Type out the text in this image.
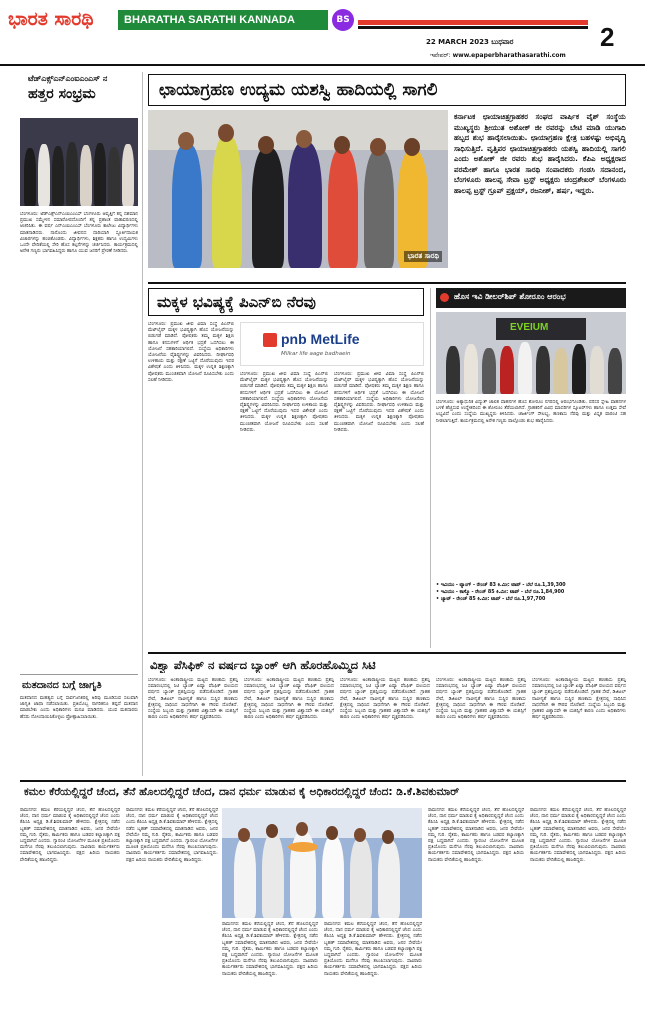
ಭಾರತ ಸಾರಥಿ	BHARATHA SARATHI KANNADA DAILY
BS
22 MARCH 2023 ಬುಧವಾರ	2
ಇಪೇಪರ್: www.epaperbharathasarathi.com
ಟೆಡ್ಎಕ್ಸ್ಎನ್ಎಂಐಎಂಎಸ್ ನ
ಹತ್ತರ ಸಂಭ್ರಮ
ಬೆಂಗಳೂರು: ಟೆಡ್ಎಕ್ಸ್ಎನ್ಎಂಐಎಂಎಸ್ ಬೆಂಗಳೂರು ಆವೃತ್ತಿಗೆ ತನ್ನ ದಶಮಾನ ಪ್ರಮುಖ ಸಮ್ಮೇಳನ ಸಮಾರೋಪದೊಂದಿಗೆ ತನ್ನ ಪ್ರಶಾಂತ ವಾತಾವರಣದಲ್ಲಿ ಆಚರಿಸಿತು. ಈ ವರ್ಷ ಎನ್ಎಂಐಎಂಎಸ್ ಬೆಂಗಳೂರು ಕಾಲೇಜು ವಿದ್ಯಾರ್ಥಿಗಳು ಮಾತನಾಡಿದರು. ನಾನೊಂದು ಜೀವನದ ದಾರಿಯಾಗಿ ಸ್ಫೂರ್ತಿದಾಯಕ ವಿಚಾರಗಳನ್ನು ಹಂಚಿಕೊಂಡರು. ವಿದ್ಯಾರ್ಥಿಗಳು, ಶಿಕ್ಷಕರು ಹಾಗೂ ಉದ್ಯಮಿಗಳು ಒಂದೇ ವೇದಿಕೆಯಲ್ಲಿ ಸೇರಿ ಹೊಸ ಕಲ್ಪನೆಗಳನ್ನು ಚರ್ಚಿಸಿದರು. ಕಾರ್ಯಕ್ರಮದಲ್ಲಿ ಅನೇಕ ಗಣ್ಯರು ಭಾಗವಹಿಸಿದ್ದರು ಹಾಗೂ ಯುವ ಜನರಿಗೆ ಪ್ರೇರಣೆ ನೀಡಿದರು.
ಮತದಾನದ ಬಗ್ಗೆ ಜಾಗೃತಿ
ಮತದಾನದ ಮಹತ್ವದ ಬಗ್ಗೆ ಸಾರ್ವಜನಿಕರಲ್ಲಿ ಅರಿವು ಮೂಡಿಸುವ ಸಲುವಾಗಿ ಜಾಗೃತಿ ಜಾಥಾ ನಡೆಸಲಾಯಿತು. ಪ್ರತಿಯೊಬ್ಬ ನಾಗರಿಕನೂ ತಪ್ಪದೆ ಮತದಾನ ಮಾಡಬೇಕು ಎಂದು ಅಧಿಕಾರಿಗಳು ಮನವಿ ಮಾಡಿದರು. ಯುವ ಮತದಾರರು ಹೆಸರು ನೋಂದಾಯಿಸಿಕೊಳ್ಳಲು ಪ್ರೋತ್ಸಾಹಿಸಲಾಯಿತು.
ಛಾಯಾಗ್ರಹಣ ಉದ್ಯಮ ಯಶಸ್ವಿ ಹಾದಿಯಲ್ಲಿ ಸಾಗಲಿ
ಭಾರತ ಸಾರಥಿ
ಕರ್ನಾಟಕ ಛಾಯಾಚಿತ್ರಗ್ರಾಹಕರ ಸಂಘದ ವಾರ್ಷಿಕ ವೈಶ್ ಸಂಸ್ಥೆಯ ಮುಖ್ಯಸ್ಥರು ಶ್ರೀಯುತ ಅಶೋಕ್ ಜೀ ರವರನ್ನು ಬೇಟಿ ಮಾಡಿ ಯುಗಾದಿ ಹಬ್ಬದ ಶುಭ ಹಾರೈಸಲಾಯಿತು. ಛಾಯಾಗ್ರಹಣ ಕ್ಷೇತ್ರ ಬಹಳಷ್ಟು ಅಭಿವೃದ್ಧಿ ಸಾಧಿಸುತ್ತಿದೆ. ವೃತ್ತಿಪರ ಛಾಯಾಚಿತ್ರಗ್ರಾಹಕರು ಯಶಸ್ವಿ ಹಾದಿಯಲ್ಲಿ ಸಾಗಲಿ ಎಂದು ಅಶೋಕ್ ಜೀ ರವರು ಶುಭ ಹಾರೈಸಿದರು. ಕೆಪಿಎ ಅಧ್ಯಕ್ಷರಾದ ಪರಮೇಶ್ ಹಾಗೂ ಭಾರತ ಸಾರಥಿ ಸಂಪಾದಕರು ಗಂಡಸಿ ಸದಾನಂದ, ಬೆಂಗಳೂರು ಹಾಲಪ್ಪ ಸೇವಾ ಟ್ರಸ್ಟ್ ಅಧ್ಯಕ್ಷರು ಚಂದ್ರಶೇಖರ್ ಬೆಂಗಳೂರು ಹಾಲಪ್ಪ ಟ್ರಸ್ಟ್ ಗ್ರೂಪ್ ಪ್ರಕ್ಷಯ್, ರಜನೀಶ್, ಹರ್ಷ, ಇದ್ದರು.
ಮಕ್ಕಳ ಭವಿಷ್ಯಕ್ಕೆ ಪಿಎನ್‌ಬಿ ನೆರವು
ಬೆಂಗಳೂರು: ಪ್ರಮುಖ ಜೀವ ವಿಮಾ ಸಂಸ್ಥೆ ಪಿಎನ್‌ಬಿ ಮೆಟ್‌ಲೈಫ್ ಮಕ್ಕಳ ಭವಿಷ್ಯಕ್ಕಾಗಿ ಹೊಸ ಯೋಜನೆಯನ್ನು ಬಿಡುಗಡೆ ಮಾಡಿದೆ. ಪೋಷಕರು ತಮ್ಮ ಮಕ್ಕಳ ಶಿಕ್ಷಣ ಹಾಗೂ ಕನಸುಗಳಿಗೆ ಆರ್ಥಿಕ ಭದ್ರತೆ ಒದಗಿಸಲು ಈ ಯೋಜನೆ ಸಹಕಾರಿಯಾಗಲಿದೆ. ಸಂಸ್ಥೆಯ ಅಧಿಕಾರಿಗಳು ಯೋಜನೆಯ ವೈಶಿಷ್ಟ್ಯಗಳನ್ನು ವಿವರಿಸಿದರು. ದೀರ್ಘಾವಧಿ ಉಳಿತಾಯ ಮತ್ತು ರಕ್ಷಣೆ ಒಟ್ಟಿಗೆ ದೊರೆಯುವುದು ಇದರ ವಿಶೇಷತೆ ಎಂದು ತಿಳಿಸಿದರು. ಮಕ್ಕಳ ಉನ್ನತ ಶಿಕ್ಷಣಕ್ಕಾಗಿ ಪೋಷಕರು ಮುಂಚಿತವಾಗಿ ಯೋಜನೆ ರೂಪಿಸಬೇಕು ಎಂದು ಸಲಹೆ ನೀಡಿದರು.
pnb MetLife
Milkar life aage badhaein
ಬೆಂಗಳೂರು: ಪ್ರಮುಖ ಜೀವ ವಿಮಾ ಸಂಸ್ಥೆ ಪಿಎನ್‌ಬಿ ಮೆಟ್‌ಲೈಫ್ ಮಕ್ಕಳ ಭವಿಷ್ಯಕ್ಕಾಗಿ ಹೊಸ ಯೋಜನೆಯನ್ನು ಬಿಡುಗಡೆ ಮಾಡಿದೆ. ಪೋಷಕರು ತಮ್ಮ ಮಕ್ಕಳ ಶಿಕ್ಷಣ ಹಾಗೂ ಕನಸುಗಳಿಗೆ ಆರ್ಥಿಕ ಭದ್ರತೆ ಒದಗಿಸಲು ಈ ಯೋಜನೆ ಸಹಕಾರಿಯಾಗಲಿದೆ. ಸಂಸ್ಥೆಯ ಅಧಿಕಾರಿಗಳು ಯೋಜನೆಯ ವೈಶಿಷ್ಟ್ಯಗಳನ್ನು ವಿವರಿಸಿದರು. ದೀರ್ಘಾವಧಿ ಉಳಿತಾಯ ಮತ್ತು ರಕ್ಷಣೆ ಒಟ್ಟಿಗೆ ದೊರೆಯುವುದು ಇದರ ವಿಶೇಷತೆ ಎಂದು ತಿಳಿಸಿದರು. ಮಕ್ಕಳ ಉನ್ನತ ಶಿಕ್ಷಣಕ್ಕಾಗಿ ಪೋಷಕರು ಮುಂಚಿತವಾಗಿ ಯೋಜನೆ ರೂಪಿಸಬೇಕು ಎಂದು ಸಲಹೆ ನೀಡಿದರು.
ಬೆಂಗಳೂರು: ಪ್ರಮುಖ ಜೀವ ವಿಮಾ ಸಂಸ್ಥೆ ಪಿಎನ್‌ಬಿ ಮೆಟ್‌ಲೈಫ್ ಮಕ್ಕಳ ಭವಿಷ್ಯಕ್ಕಾಗಿ ಹೊಸ ಯೋಜನೆಯನ್ನು ಬಿಡುಗಡೆ ಮಾಡಿದೆ. ಪೋಷಕರು ತಮ್ಮ ಮಕ್ಕಳ ಶಿಕ್ಷಣ ಹಾಗೂ ಕನಸುಗಳಿಗೆ ಆರ್ಥಿಕ ಭದ್ರತೆ ಒದಗಿಸಲು ಈ ಯೋಜನೆ ಸಹಕಾರಿಯಾಗಲಿದೆ. ಸಂಸ್ಥೆಯ ಅಧಿಕಾರಿಗಳು ಯೋಜನೆಯ ವೈಶಿಷ್ಟ್ಯಗಳನ್ನು ವಿವರಿಸಿದರು. ದೀರ್ಘಾವಧಿ ಉಳಿತಾಯ ಮತ್ತು ರಕ್ಷಣೆ ಒಟ್ಟಿಗೆ ದೊರೆಯುವುದು ಇದರ ವಿಶೇಷತೆ ಎಂದು ತಿಳಿಸಿದರು. ಮಕ್ಕಳ ಉನ್ನತ ಶಿಕ್ಷಣಕ್ಕಾಗಿ ಪೋಷಕರು ಮುಂಚಿತವಾಗಿ ಯೋಜನೆ ರೂಪಿಸಬೇಕು ಎಂದು ಸಲಹೆ ನೀಡಿದರು.
ಹೊಸ ಇವಿ ಡೀಲರ್‌ಶಿಪ್ ಶೋರೂಂ ಆರಂಭ
EVEIUM
ಬೆಂಗಳೂರು: ಅತ್ಯಾಧುನಿಕ ವಿದ್ಯುತ್ ಚಾಲಿತ ವಾಹನಗಳ ಹೊಸ ಶೋರೂಂ ನಗರದಲ್ಲಿ ಆರಂಭಗೊಂಡಿತು. ಪರಿಸರ ಸ್ನೇಹಿ ವಾಹನಗಳ ಬಳಕೆ ಹೆಚ್ಚಿಸುವ ಉದ್ದೇಶದಿಂದ ಈ ಶೋರೂಂ ತೆರೆಯಲಾಗಿದೆ. ಗ್ರಾಹಕರಿಗೆ ವಿವಿಧ ಮಾದರಿಗಳ ಸ್ಕೂಟರ್‌ಗಳು ಹಾಗೂ ಉತ್ತಮ ಸೇವೆ ಲಭ್ಯವಿದೆ ಎಂದು ಸಂಸ್ಥೆಯ ಮುಖ್ಯಸ್ಥರು ತಿಳಿಸಿದರು. ಚಾರ್ಜಿಂಗ್ ಸೌಲಭ್ಯ, ಹಣಕಾಸು ನೆರವು ಮತ್ತು ವಿಸ್ತೃತ ವಾರಂಟಿ ಸಹ ನೀಡಲಾಗುತ್ತಿದೆ. ಕಾರ್ಯಕ್ರಮದಲ್ಲಿ ಅನೇಕ ಗಣ್ಯರು ಪಾಲ್ಗೊಂಡು ಶುಭ ಹಾರೈಸಿದರು.
• ಇವಿಯಂ - ಟ್ಯಾಂಗ್ - ರೇಂಜ್ 83 ಕಿ.ಮೀ: ಟಾಪ್ - ಬೆಲೆ ರೂ.1,39,300
• ಇವಿಯಂ - ಕಾಸ್ಮೊ - ರೇಂಜ್ 85 ಕಿ.ಮೀ: ಟಾಪ್ - ಬೆಲೆ ರೂ.1,84,900
• ಜ್ಯಾಟ್ - ರೇಂಜ್ 85 ಕಿ.ಮೀ: ಟಾಪ್ - ಬೆಲೆ ರೂ.1,97,700
ವಿಶ್ವಾ ಪೆಸಿಫಿಕ್ ನ ವರ್ಷದ ಬ್ಯಾಂಕ್ ಆಗಿ ಹೊರಹೊಮ್ಮಿದ ಸಿಟಿ
ಬೆಂಗಳೂರು: ಅಂತಾರಾಷ್ಟ್ರೀಯ ಮಟ್ಟದ ಹಣಕಾಸು ಪ್ರಶಸ್ತಿ ಸಮಾರಂಭದಲ್ಲಿ ಸಿಟಿ ಬ್ಯಾಂಕ್ ಏಷ್ಯಾ ಪೆಸಿಫಿಕ್ ವಲಯದ ವರ್ಷದ ಬ್ಯಾಂಕ್ ಪ್ರಶಸ್ತಿಯನ್ನು ಪಡೆದುಕೊಂಡಿದೆ. ಗ್ರಾಹಕ ಸೇವೆ, ಡಿಜಿಟಲ್ ನಾವೀನ್ಯತೆ ಹಾಗೂ ಸುಸ್ಥಿರ ಹಣಕಾಸು ಕ್ಷೇತ್ರದಲ್ಲಿ ಸಾಧಿಸಿದ ಸಾಧನೆಗಾಗಿ ಈ ಗೌರವ ದೊರೆತಿದೆ. ಸಂಸ್ಥೆಯ ಸಿಬ್ಬಂದಿ ಮತ್ತು ಗ್ರಾಹಕರ ವಿಶ್ವಾಸವೇ ಈ ಯಶಸ್ಸಿಗೆ ಕಾರಣ ಎಂದು ಅಧಿಕಾರಿಗಳು ಹರ್ಷ ವ್ಯಕ್ತಪಡಿಸಿದರು.
ಬೆಂಗಳೂರು: ಅಂತಾರಾಷ್ಟ್ರೀಯ ಮಟ್ಟದ ಹಣಕಾಸು ಪ್ರಶಸ್ತಿ ಸಮಾರಂಭದಲ್ಲಿ ಸಿಟಿ ಬ್ಯಾಂಕ್ ಏಷ್ಯಾ ಪೆಸಿಫಿಕ್ ವಲಯದ ವರ್ಷದ ಬ್ಯಾಂಕ್ ಪ್ರಶಸ್ತಿಯನ್ನು ಪಡೆದುಕೊಂಡಿದೆ. ಗ್ರಾಹಕ ಸೇವೆ, ಡಿಜಿಟಲ್ ನಾವೀನ್ಯತೆ ಹಾಗೂ ಸುಸ್ಥಿರ ಹಣಕಾಸು ಕ್ಷೇತ್ರದಲ್ಲಿ ಸಾಧಿಸಿದ ಸಾಧನೆಗಾಗಿ ಈ ಗೌರವ ದೊರೆತಿದೆ. ಸಂಸ್ಥೆಯ ಸಿಬ್ಬಂದಿ ಮತ್ತು ಗ್ರಾಹಕರ ವಿಶ್ವಾಸವೇ ಈ ಯಶಸ್ಸಿಗೆ ಕಾರಣ ಎಂದು ಅಧಿಕಾರಿಗಳು ಹರ್ಷ ವ್ಯಕ್ತಪಡಿಸಿದರು.
ಬೆಂಗಳೂರು: ಅಂತಾರಾಷ್ಟ್ರೀಯ ಮಟ್ಟದ ಹಣಕಾಸು ಪ್ರಶಸ್ತಿ ಸಮಾರಂಭದಲ್ಲಿ ಸಿಟಿ ಬ್ಯಾಂಕ್ ಏಷ್ಯಾ ಪೆಸಿಫಿಕ್ ವಲಯದ ವರ್ಷದ ಬ್ಯಾಂಕ್ ಪ್ರಶಸ್ತಿಯನ್ನು ಪಡೆದುಕೊಂಡಿದೆ. ಗ್ರಾಹಕ ಸೇವೆ, ಡಿಜಿಟಲ್ ನಾವೀನ್ಯತೆ ಹಾಗೂ ಸುಸ್ಥಿರ ಹಣಕಾಸು ಕ್ಷೇತ್ರದಲ್ಲಿ ಸಾಧಿಸಿದ ಸಾಧನೆಗಾಗಿ ಈ ಗೌರವ ದೊರೆತಿದೆ. ಸಂಸ್ಥೆಯ ಸಿಬ್ಬಂದಿ ಮತ್ತು ಗ್ರಾಹಕರ ವಿಶ್ವಾಸವೇ ಈ ಯಶಸ್ಸಿಗೆ ಕಾರಣ ಎಂದು ಅಧಿಕಾರಿಗಳು ಹರ್ಷ ವ್ಯಕ್ತಪಡಿಸಿದರು.
ಬೆಂಗಳೂರು: ಅಂತಾರಾಷ್ಟ್ರೀಯ ಮಟ್ಟದ ಹಣಕಾಸು ಪ್ರಶಸ್ತಿ ಸಮಾರಂಭದಲ್ಲಿ ಸಿಟಿ ಬ್ಯಾಂಕ್ ಏಷ್ಯಾ ಪೆಸಿಫಿಕ್ ವಲಯದ ವರ್ಷದ ಬ್ಯಾಂಕ್ ಪ್ರಶಸ್ತಿಯನ್ನು ಪಡೆದುಕೊಂಡಿದೆ. ಗ್ರಾಹಕ ಸೇವೆ, ಡಿಜಿಟಲ್ ನಾವೀನ್ಯತೆ ಹಾಗೂ ಸುಸ್ಥಿರ ಹಣಕಾಸು ಕ್ಷೇತ್ರದಲ್ಲಿ ಸಾಧಿಸಿದ ಸಾಧನೆಗಾಗಿ ಈ ಗೌರವ ದೊರೆತಿದೆ. ಸಂಸ್ಥೆಯ ಸಿಬ್ಬಂದಿ ಮತ್ತು ಗ್ರಾಹಕರ ವಿಶ್ವಾಸವೇ ಈ ಯಶಸ್ಸಿಗೆ ಕಾರಣ ಎಂದು ಅಧಿಕಾರಿಗಳು ಹರ್ಷ ವ್ಯಕ್ತಪಡಿಸಿದರು.
ಬೆಂಗಳೂರು: ಅಂತಾರಾಷ್ಟ್ರೀಯ ಮಟ್ಟದ ಹಣಕಾಸು ಪ್ರಶಸ್ತಿ ಸಮಾರಂಭದಲ್ಲಿ ಸಿಟಿ ಬ್ಯಾಂಕ್ ಏಷ್ಯಾ ಪೆಸಿಫಿಕ್ ವಲಯದ ವರ್ಷದ ಬ್ಯಾಂಕ್ ಪ್ರಶಸ್ತಿಯನ್ನು ಪಡೆದುಕೊಂಡಿದೆ. ಗ್ರಾಹಕ ಸೇವೆ, ಡಿಜಿಟಲ್ ನಾವೀನ್ಯತೆ ಹಾಗೂ ಸುಸ್ಥಿರ ಹಣಕಾಸು ಕ್ಷೇತ್ರದಲ್ಲಿ ಸಾಧಿಸಿದ ಸಾಧನೆಗಾಗಿ ಈ ಗೌರವ ದೊರೆತಿದೆ. ಸಂಸ್ಥೆಯ ಸಿಬ್ಬಂದಿ ಮತ್ತು ಗ್ರಾಹಕರ ವಿಶ್ವಾಸವೇ ಈ ಯಶಸ್ಸಿಗೆ ಕಾರಣ ಎಂದು ಅಧಿಕಾರಿಗಳು ಹರ್ಷ ವ್ಯಕ್ತಪಡಿಸಿದರು.
ಕಮಲ ಕೆರೆಯಲ್ಲಿದ್ದರೆ ಚೆಂದ, ತೆನೆ ಹೊಲದಲ್ಲಿದ್ದರೆ ಚೆಂದ, ದಾನ ಧರ್ಮ ಮಾಡುವ ಕೈ ಅಧಿಕಾರದಲ್ಲಿದ್ದರೆ ಚೆಂದ: ಡಿ.ಕೆ.ಶಿವಕುಮಾರ್
ರಾಮನಗರ: ಕಮಲ ಕೆರೆಯಲ್ಲಿದ್ದರೆ ಚೆಂದ, ತೆನೆ ಹೊಲದಲ್ಲಿದ್ದರೆ ಚೆಂದ, ದಾನ ಧರ್ಮ ಮಾಡುವ ಕೈ ಅಧಿಕಾರದಲ್ಲಿದ್ದರೆ ಚೆಂದ ಎಂದು ಕೆಪಿಸಿಸಿ ಅಧ್ಯಕ್ಷ ಡಿ.ಕೆ.ಶಿವಕುಮಾರ್ ಹೇಳಿದರು. ಕ್ಷೇತ್ರದಲ್ಲಿ ನಡೆದ ಬೃಹತ್ ಸಮಾವೇಶದಲ್ಲಿ ಮಾತನಾಡಿದ ಅವರು, ಜನರ ಸೇವೆಯೇ ನಮ್ಮ ಗುರಿ. ರೈತರು, ಕಾರ್ಮಿಕರು ಹಾಗೂ ಬಡವರ ಕಲ್ಯಾಣಕ್ಕಾಗಿ ಪಕ್ಷ ಬದ್ಧವಾಗಿದೆ ಎಂದರು. ಗ್ಯಾರಂಟಿ ಯೋಜನೆಗಳ ಮೂಲಕ ಪ್ರತಿಯೊಂದು ಮನೆಗೂ ನೆರವು ತಲುಪಿಸಲಾಗುವುದು. ಸಾವಿರಾರು ಕಾರ್ಯಕರ್ತರು ಸಮಾವೇಶದಲ್ಲಿ ಭಾಗವಹಿಸಿದ್ದರು. ಪಕ್ಷದ ಹಿರಿಯ ನಾಯಕರು ವೇದಿಕೆಯಲ್ಲಿ ಹಾಜರಿದ್ದರು.
ರಾಮನಗರ: ಕಮಲ ಕೆರೆಯಲ್ಲಿದ್ದರೆ ಚೆಂದ, ತೆನೆ ಹೊಲದಲ್ಲಿದ್ದರೆ ಚೆಂದ, ದಾನ ಧರ್ಮ ಮಾಡುವ ಕೈ ಅಧಿಕಾರದಲ್ಲಿದ್ದರೆ ಚೆಂದ ಎಂದು ಕೆಪಿಸಿಸಿ ಅಧ್ಯಕ್ಷ ಡಿ.ಕೆ.ಶಿವಕುಮಾರ್ ಹೇಳಿದರು. ಕ್ಷೇತ್ರದಲ್ಲಿ ನಡೆದ ಬೃಹತ್ ಸಮಾವೇಶದಲ್ಲಿ ಮಾತನಾಡಿದ ಅವರು, ಜನರ ಸೇವೆಯೇ ನಮ್ಮ ಗುರಿ. ರೈತರು, ಕಾರ್ಮಿಕರು ಹಾಗೂ ಬಡವರ ಕಲ್ಯಾಣಕ್ಕಾಗಿ ಪಕ್ಷ ಬದ್ಧವಾಗಿದೆ ಎಂದರು. ಗ್ಯಾರಂಟಿ ಯೋಜನೆಗಳ ಮೂಲಕ ಪ್ರತಿಯೊಂದು ಮನೆಗೂ ನೆರವು ತಲುಪಿಸಲಾಗುವುದು. ಸಾವಿರಾರು ಕಾರ್ಯಕರ್ತರು ಸಮಾವೇಶದಲ್ಲಿ ಭಾಗವಹಿಸಿದ್ದರು. ಪಕ್ಷದ ಹಿರಿಯ ನಾಯಕರು ವೇದಿಕೆಯಲ್ಲಿ ಹಾಜರಿದ್ದರು.
ರಾಮನಗರ: ಕಮಲ ಕೆರೆಯಲ್ಲಿದ್ದರೆ ಚೆಂದ, ತೆನೆ ಹೊಲದಲ್ಲಿದ್ದರೆ ಚೆಂದ, ದಾನ ಧರ್ಮ ಮಾಡುವ ಕೈ ಅಧಿಕಾರದಲ್ಲಿದ್ದರೆ ಚೆಂದ ಎಂದು ಕೆಪಿಸಿಸಿ ಅಧ್ಯಕ್ಷ ಡಿ.ಕೆ.ಶಿವಕುಮಾರ್ ಹೇಳಿದರು. ಕ್ಷೇತ್ರದಲ್ಲಿ ನಡೆದ ಬೃಹತ್ ಸಮಾವೇಶದಲ್ಲಿ ಮಾತನಾಡಿದ ಅವರು, ಜನರ ಸೇವೆಯೇ ನಮ್ಮ ಗುರಿ. ರೈತರು, ಕಾರ್ಮಿಕರು ಹಾಗೂ ಬಡವರ ಕಲ್ಯಾಣಕ್ಕಾಗಿ ಪಕ್ಷ ಬದ್ಧವಾಗಿದೆ ಎಂದರು. ಗ್ಯಾರಂಟಿ ಯೋಜನೆಗಳ ಮೂಲಕ ಪ್ರತಿಯೊಂದು ಮನೆಗೂ ನೆರವು ತಲುಪಿಸಲಾಗುವುದು. ಸಾವಿರಾರು ಕಾರ್ಯಕರ್ತರು ಸಮಾವೇಶದಲ್ಲಿ ಭಾಗವಹಿಸಿದ್ದರು. ಪಕ್ಷದ ಹಿರಿಯ ನಾಯಕರು ವೇದಿಕೆಯಲ್ಲಿ ಹಾಜರಿದ್ದರು.
ರಾಮನಗರ: ಕಮಲ ಕೆರೆಯಲ್ಲಿದ್ದರೆ ಚೆಂದ, ತೆನೆ ಹೊಲದಲ್ಲಿದ್ದರೆ ಚೆಂದ, ದಾನ ಧರ್ಮ ಮಾಡುವ ಕೈ ಅಧಿಕಾರದಲ್ಲಿದ್ದರೆ ಚೆಂದ ಎಂದು ಕೆಪಿಸಿಸಿ ಅಧ್ಯಕ್ಷ ಡಿ.ಕೆ.ಶಿವಕುಮಾರ್ ಹೇಳಿದರು. ಕ್ಷೇತ್ರದಲ್ಲಿ ನಡೆದ ಬೃಹತ್ ಸಮಾವೇಶದಲ್ಲಿ ಮಾತನಾಡಿದ ಅವರು, ಜನರ ಸೇವೆಯೇ ನಮ್ಮ ಗುರಿ. ರೈತರು, ಕಾರ್ಮಿಕರು ಹಾಗೂ ಬಡವರ ಕಲ್ಯಾಣಕ್ಕಾಗಿ ಪಕ್ಷ ಬದ್ಧವಾಗಿದೆ ಎಂದರು. ಗ್ಯಾರಂಟಿ ಯೋಜನೆಗಳ ಮೂಲಕ ಪ್ರತಿಯೊಂದು ಮನೆಗೂ ನೆರವು ತಲುಪಿಸಲಾಗುವುದು. ಸಾವಿರಾರು ಕಾರ್ಯಕರ್ತರು ಸಮಾವೇಶದಲ್ಲಿ ಭಾಗವಹಿಸಿದ್ದರು. ಪಕ್ಷದ ಹಿರಿಯ ನಾಯಕರು ವೇದಿಕೆಯಲ್ಲಿ ಹಾಜರಿದ್ದರು.
ರಾಮನಗರ: ಕಮಲ ಕೆರೆಯಲ್ಲಿದ್ದರೆ ಚೆಂದ, ತೆನೆ ಹೊಲದಲ್ಲಿದ್ದರೆ ಚೆಂದ, ದಾನ ಧರ್ಮ ಮಾಡುವ ಕೈ ಅಧಿಕಾರದಲ್ಲಿದ್ದರೆ ಚೆಂದ ಎಂದು ಕೆಪಿಸಿಸಿ ಅಧ್ಯಕ್ಷ ಡಿ.ಕೆ.ಶಿವಕುಮಾರ್ ಹೇಳಿದರು. ಕ್ಷೇತ್ರದಲ್ಲಿ ನಡೆದ ಬೃಹತ್ ಸಮಾವೇಶದಲ್ಲಿ ಮಾತನಾಡಿದ ಅವರು, ಜನರ ಸೇವೆಯೇ ನಮ್ಮ ಗುರಿ. ರೈತರು, ಕಾರ್ಮಿಕರು ಹಾಗೂ ಬಡವರ ಕಲ್ಯಾಣಕ್ಕಾಗಿ ಪಕ್ಷ ಬದ್ಧವಾಗಿದೆ ಎಂದರು. ಗ್ಯಾರಂಟಿ ಯೋಜನೆಗಳ ಮೂಲಕ ಪ್ರತಿಯೊಂದು ಮನೆಗೂ ನೆರವು ತಲುಪಿಸಲಾಗುವುದು. ಸಾವಿರಾರು ಕಾರ್ಯಕರ್ತರು ಸಮಾವೇಶದಲ್ಲಿ ಭಾಗವಹಿಸಿದ್ದರು. ಪಕ್ಷದ ಹಿರಿಯ ನಾಯಕರು ವೇದಿಕೆಯಲ್ಲಿ ಹಾಜರಿದ್ದರು.
ರಾಮನಗರ: ಕಮಲ ಕೆರೆಯಲ್ಲಿದ್ದರೆ ಚೆಂದ, ತೆನೆ ಹೊಲದಲ್ಲಿದ್ದರೆ ಚೆಂದ, ದಾನ ಧರ್ಮ ಮಾಡುವ ಕೈ ಅಧಿಕಾರದಲ್ಲಿದ್ದರೆ ಚೆಂದ ಎಂದು ಕೆಪಿಸಿಸಿ ಅಧ್ಯಕ್ಷ ಡಿ.ಕೆ.ಶಿವಕುಮಾರ್ ಹೇಳಿದರು. ಕ್ಷೇತ್ರದಲ್ಲಿ ನಡೆದ ಬೃಹತ್ ಸಮಾವೇಶದಲ್ಲಿ ಮಾತನಾಡಿದ ಅವರು, ಜನರ ಸೇವೆಯೇ ನಮ್ಮ ಗುರಿ. ರೈತರು, ಕಾರ್ಮಿಕರು ಹಾಗೂ ಬಡವರ ಕಲ್ಯಾಣಕ್ಕಾಗಿ ಪಕ್ಷ ಬದ್ಧವಾಗಿದೆ ಎಂದರು. ಗ್ಯಾರಂಟಿ ಯೋಜನೆಗಳ ಮೂಲಕ ಪ್ರತಿಯೊಂದು ಮನೆಗೂ ನೆರವು ತಲುಪಿಸಲಾಗುವುದು. ಸಾವಿರಾರು ಕಾರ್ಯಕರ್ತರು ಸಮಾವೇಶದಲ್ಲಿ ಭಾಗವಹಿಸಿದ್ದರು. ಪಕ್ಷದ ಹಿರಿಯ ನಾಯಕರು ವೇದಿಕೆಯಲ್ಲಿ ಹಾಜರಿದ್ದರು.
